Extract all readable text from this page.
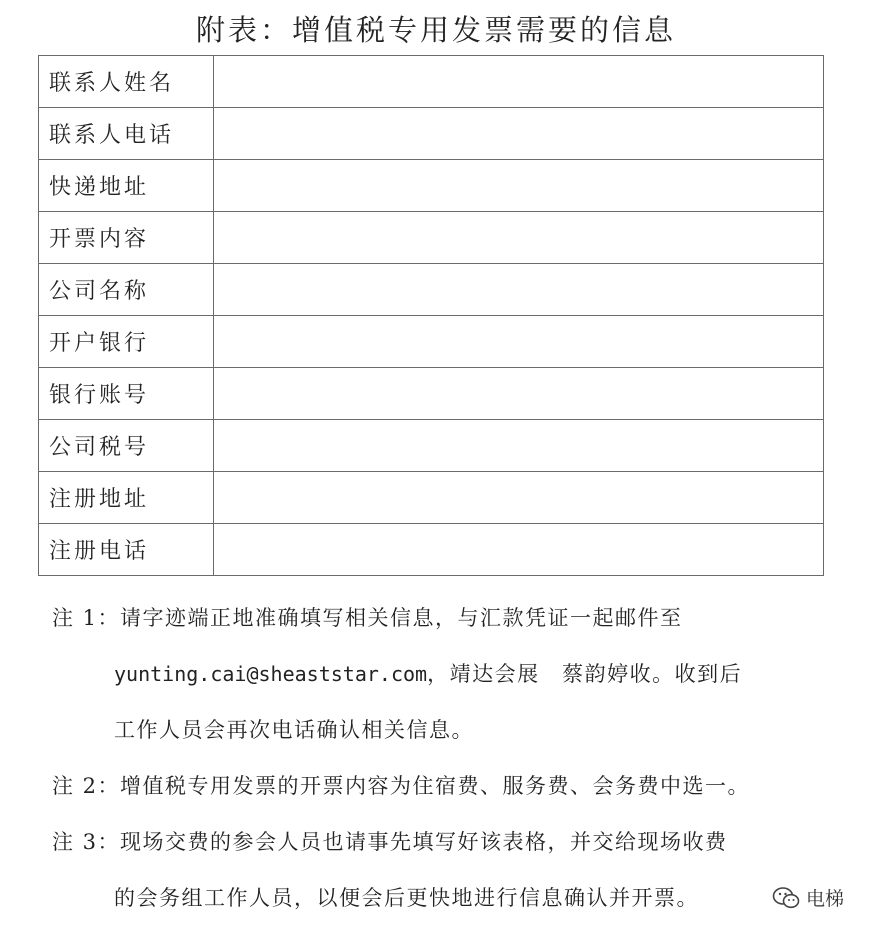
附表：增值税专用发票需要的信息
联系人姓名	
联系人电话	
快递地址	
开票内容	
公司名称	
开户银行	
银行账号	
公司税号	
注册地址	
注册电话	
注 1：请字迹端正地准确填写相关信息，与汇款凭证一起邮件至
yunting.cai@sheaststar.com，靖达会展　蔡韵婷收。收到后
工作人员会再次电话确认相关信息。
注 2：增值税专用发票的开票内容为住宿费、服务费、会务费中选一。
注 3：现场交费的参会人员也请事先填写好该表格，并交给现场收费
的会务组工作人员，以便会后更快地进行信息确认并开票。	电梯
